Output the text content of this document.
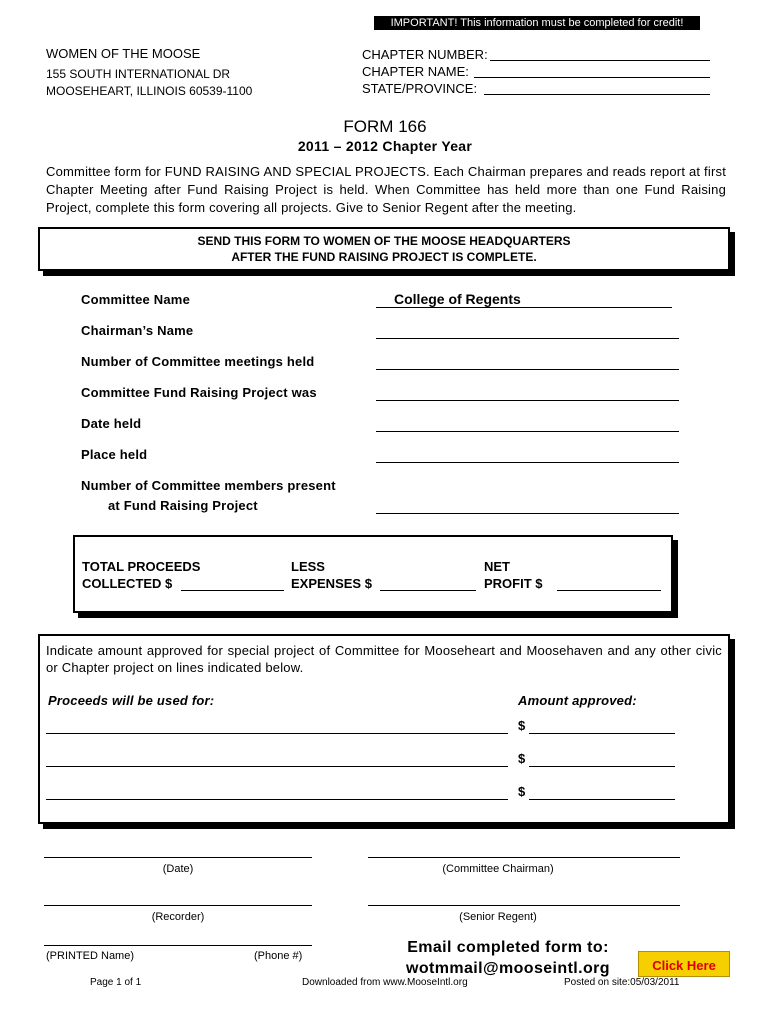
IMPORTANT! This information must be completed for credit!
WOMEN OF THE MOOSE
155 SOUTH INTERNATIONAL DR
MOOSEHEART, ILLINOIS 60539-1100
CHAPTER NUMBER:
CHAPTER NAME:
STATE/PROVINCE:
FORM 166
2011 – 2012 Chapter Year
Committee form for FUND RAISING AND SPECIAL PROJECTS. Each Chairman prepares and reads report at first Chapter Meeting after Fund Raising Project is held. When Committee has held more than one Fund Raising Project, complete this form covering all projects. Give to Senior Regent after the meeting.
SEND THIS FORM TO WOMEN OF THE MOOSE HEADQUARTERS
AFTER THE FUND RAISING PROJECT IS COMPLETE.
Committee Name	College of Regents
Chairman’s Name
Number of Committee meetings held
Committee Fund Raising Project was
Date held
Place held
Number of Committee members present
at Fund Raising Project
TOTAL PROCEEDS
COLLECTED $
LESS
EXPENSES $
NET
PROFIT $
Indicate amount approved for special project of Committee for Mooseheart and Moosehaven and any other civic or Chapter project on lines indicated below.
Proceeds will be used for:	Amount approved:
$
$
$
(Date)	(Committee Chairman)
(Recorder)	(Senior Regent)
(PRINTED Name)	(Phone #)	Email completed form to:
wotmmail@mooseintl.org	Click Here
Page 1 of 1	Downloaded from www.MooseIntl.org	Posted on site:05/03/2011
